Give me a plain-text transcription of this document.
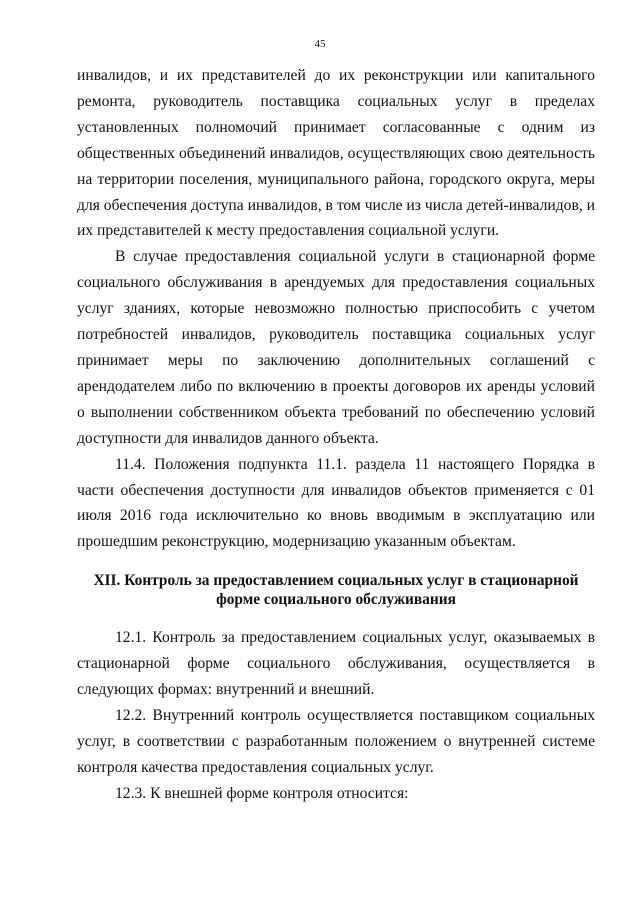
45

инвалидов, и их представителей до их реконструкции или капитального ремонта, руководитель поставщика социальных услуг в пределах установленных полномочий принимает согласованные с одним из общественных объединений инвалидов, осуществляющих свою деятельность на территории поселения, муниципального района, городского округа, меры для обеспечения доступа инвалидов, в том числе из числа детей-инвалидов, и их представителей к месту предоставления социальной услуги.

В случае предоставления социальной услуги в стационарной форме социального обслуживания в арендуемых для предоставления социальных услуг зданиях, которые невозможно полностью приспособить с учетом потребностей инвалидов, руководитель поставщика социальных услуг принимает меры по заключению дополнительных соглашений с арендодателем либо по включению в проекты договоров их аренды условий о выполнении собственником объекта требований по обеспечению условий доступности для инвалидов данного объекта.

11.4. Положения подпункта 11.1. раздела 11 настоящего Порядка в части обеспечения доступности для инвалидов объектов применяется с 01 июля 2016 года исключительно ко вновь вводимым в эксплуатацию или прошедшим реконструкцию, модернизацию указанным объектам.

XII. Контроль за предоставлением социальных услуг в стационарной форме социального обслуживания

12.1. Контроль за предоставлением социальных услуг, оказываемых в стационарной форме социального обслуживания, осуществляется в следующих формах: внутренний и внешний.

12.2. Внутренний контроль осуществляется поставщиком социальных услуг, в соответствии с разработанным положением о внутренней системе контроля качества предоставления социальных услуг.

12.3. К внешней форме контроля относится:
